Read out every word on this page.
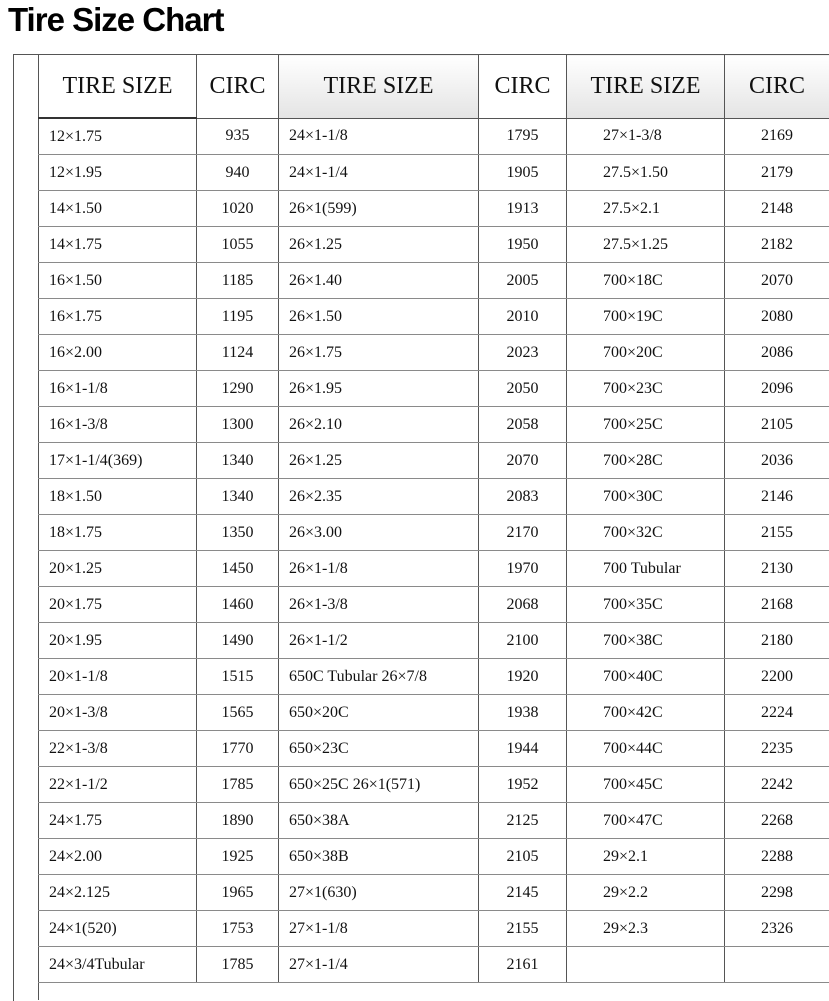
Tire Size Chart
TIRE SIZE	CIRC	TIRE SIZE	CIRC	TIRE SIZE	CIRC
12×1.75	935	24×1-1/8	1795	27×1-3/8	2169
12×1.95	940	24×1-1/4	1905	27.5×1.50	2179
14×1.50	1020	26×1(599)	1913	27.5×2.1	2148
14×1.75	1055	26×1.25	1950	27.5×1.25	2182
16×1.50	1185	26×1.40	2005	700×18C	2070
16×1.75	1195	26×1.50	2010	700×19C	2080
16×2.00	1124	26×1.75	2023	700×20C	2086
16×1-1/8	1290	26×1.95	2050	700×23C	2096
16×1-3/8	1300	26×2.10	2058	700×25C	2105
17×1-1/4(369)	1340	26×1.25	2070	700×28C	2036
18×1.50	1340	26×2.35	2083	700×30C	2146
18×1.75	1350	26×3.00	2170	700×32C	2155
20×1.25	1450	26×1-1/8	1970	700 Tubular	2130
20×1.75	1460	26×1-3/8	2068	700×35C	2168
20×1.95	1490	26×1-1/2	2100	700×38C	2180
20×1-1/8	1515	650C Tubular 26×7/8	1920	700×40C	2200
20×1-3/8	1565	650×20C	1938	700×42C	2224
22×1-3/8	1770	650×23C	1944	700×44C	2235
22×1-1/2	1785	650×25C 26×1(571)	1952	700×45C	2242
24×1.75	1890	650×38A	2125	700×47C	2268
24×2.00	1925	650×38B	2105	29×2.1	2288
24×2.125	1965	27×1(630)	2145	29×2.2	2298
24×1(520)	1753	27×1-1/8	2155	29×2.3	2326
24×3/4Tubular	1785	27×1-1/4	2161		
